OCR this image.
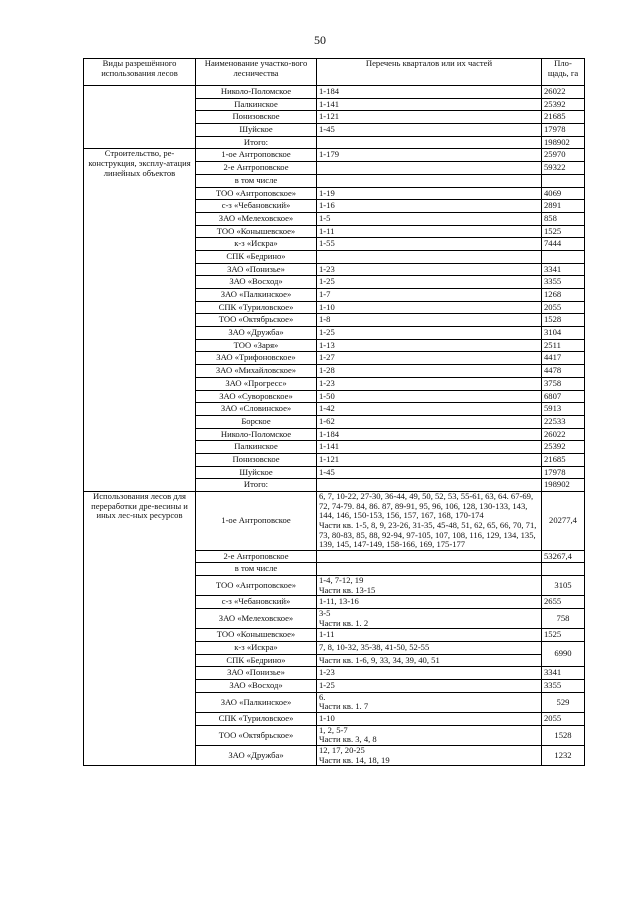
50
Виды разрешённого использования лесов	Наименование участко-вого лесничества	Перечень кварталов или их частей	Пло-щадь, га
	Николо-Поломское	1-184	26022
	Палкинское	1-141	25392
	Понизовское	1-121	21685
	Шуйское	1-45	17978
	Итого:		198902
Строительство, ре-конструкция, эксплу-атация линейных объектов	1-ое Антроповское	1-179	25970
	2-е Антроповское		59322
	в том числе		
	ТОО «Антроповское»	1-19	4069
	с-з «Чебановский»	1-16	2891
	ЗАО «Мелеховское»	1-5	858
	ТОО «Конышевское»	1-11	1525
	к-з «Искра»	1-55	7444
	СПК «Бедрино»		
	ЗАО «Понизье»	1-23	3341
	ЗАО «Восход»	1-25	3355
	ЗАО «Палкинское»	1-7	1268
	СПК «Туриловское»	1-10	2055
	ТОО «Октябрьское»	1-8	1528
	ЗАО «Дружба»	1-25	3104
	ТОО «Заря»	1-13	2511
	ЗАО «Трифоновское»	1-27	4417
	ЗАО «Михайловское»	1-28	4478
	ЗАО «Прогресс»	1-23	3758
	ЗАО «Суворовское»	1-50	6807
	ЗАО «Словинское»	1-42	5913
	Борское	1-62	22533
	Николо-Поломское	1-184	26022
	Палкинское	1-141	25392
	Понизовское	1-121	21685
	Шуйское	1-45	17978
	Итого:		198902
Использования лесов для переработки дре-весины и иных лес-ных ресурсов	1-ое Антроповское	6, 7, 10-22, 27-30, 36-44, 49, 50, 52, 53, 55-61, 63, 64. 67-69, 72, 74-79. 84, 86. 87, 89-91, 95, 96, 106, 128, 130-133, 143, 144, 146, 150-153, 156, 157, 167, 168, 170-174
Части кв. 1-5, 8, 9, 23-26, 31-35, 45-48, 51, 62, 65, 66, 70, 71, 73, 80-83, 85, 88, 92-94, 97-105, 107, 108, 116, 129, 134, 135, 139, 145, 147-149, 158-166, 169, 175-177	20277,4
	2-е Антроповское		53267,4
	в том числе		
	ТОО «Антроповское»	1-4, 7-12, 19
Части кв. 13-15	3105
	с-з «Чебановский»	1-11, 13-16	2655
	ЗАО «Мелеховское»	3-5
Части кв. 1. 2	758
	ТОО «Конышевское»	1-11	1525
	к-з «Искра»	7, 8, 10-32, 35-38, 41-50, 52-55	6990
	СПК «Бедрино»	Части кв. 1-6, 9, 33, 34, 39, 40, 51	
	ЗАО «Понизье»	1-23	3341
	ЗАО «Восход»	1-25	3355
	ЗАО «Палкинское»	6.
Части кв. 1. 7	529
	СПК «Туриловское»	1-10	2055
	ТОО «Октябрьское»	1, 2, 5-7
Части кв. 3, 4, 8	1528
	ЗАО «Дружба»	12, 17, 20-25
Части кв. 14, 18, 19	1232
